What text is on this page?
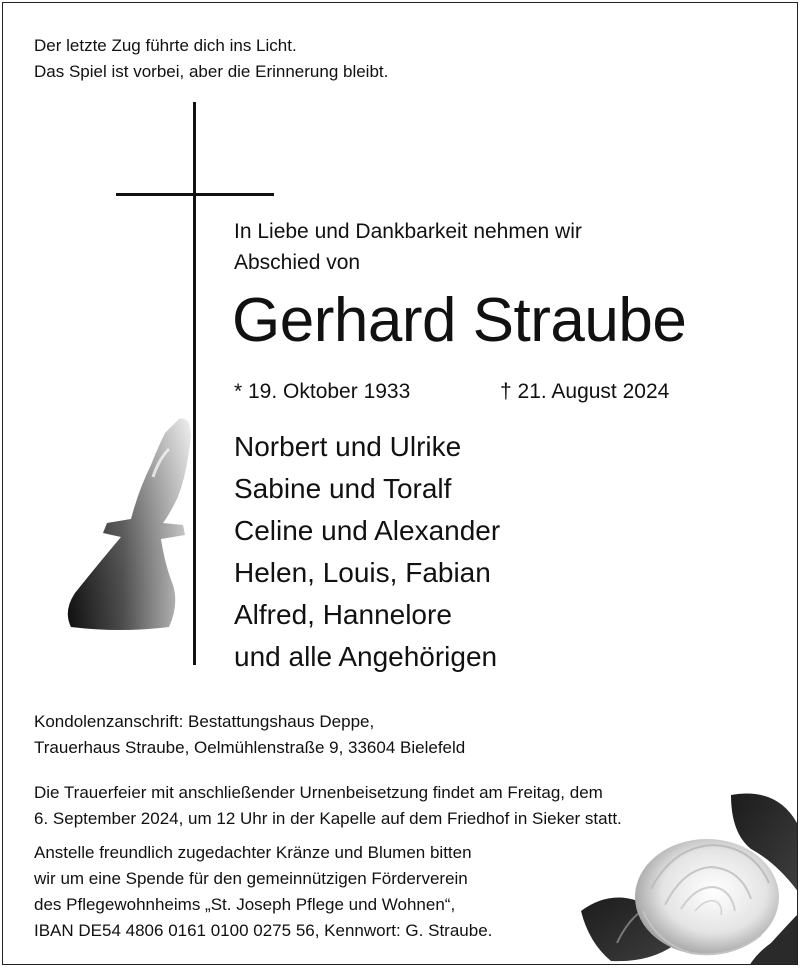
Der letzte Zug führte dich ins Licht.
Das Spiel ist vorbei, aber die Erinnerung bleibt.
In Liebe und Dankbarkeit nehmen wir
Abschied von
Gerhard Straube
* 19. Oktober 1933	† 21. August 2024
Norbert und Ulrike
Sabine und Toralf
Celine und Alexander
Helen, Louis, Fabian
Alfred, Hannelore
und alle Angehörigen
Kondolenzanschrift: Bestattungshaus Deppe,
Trauerhaus Straube, Oelmühlenstraße 9, 33604 Bielefeld
Die Trauerfeier mit anschließender Urnenbeisetzung findet am Freitag, dem
6. September 2024, um 12 Uhr in der Kapelle auf dem Friedhof in Sieker statt.
Anstelle freundlich zugedachter Kränze und Blumen bitten
wir um eine Spende für den gemeinnützigen Förderverein
des Pflegewohnheims „St. Joseph Pflege und Wohnen“,
IBAN DE54 4806 0161 0100 0275 56, Kennwort: G. Straube.
